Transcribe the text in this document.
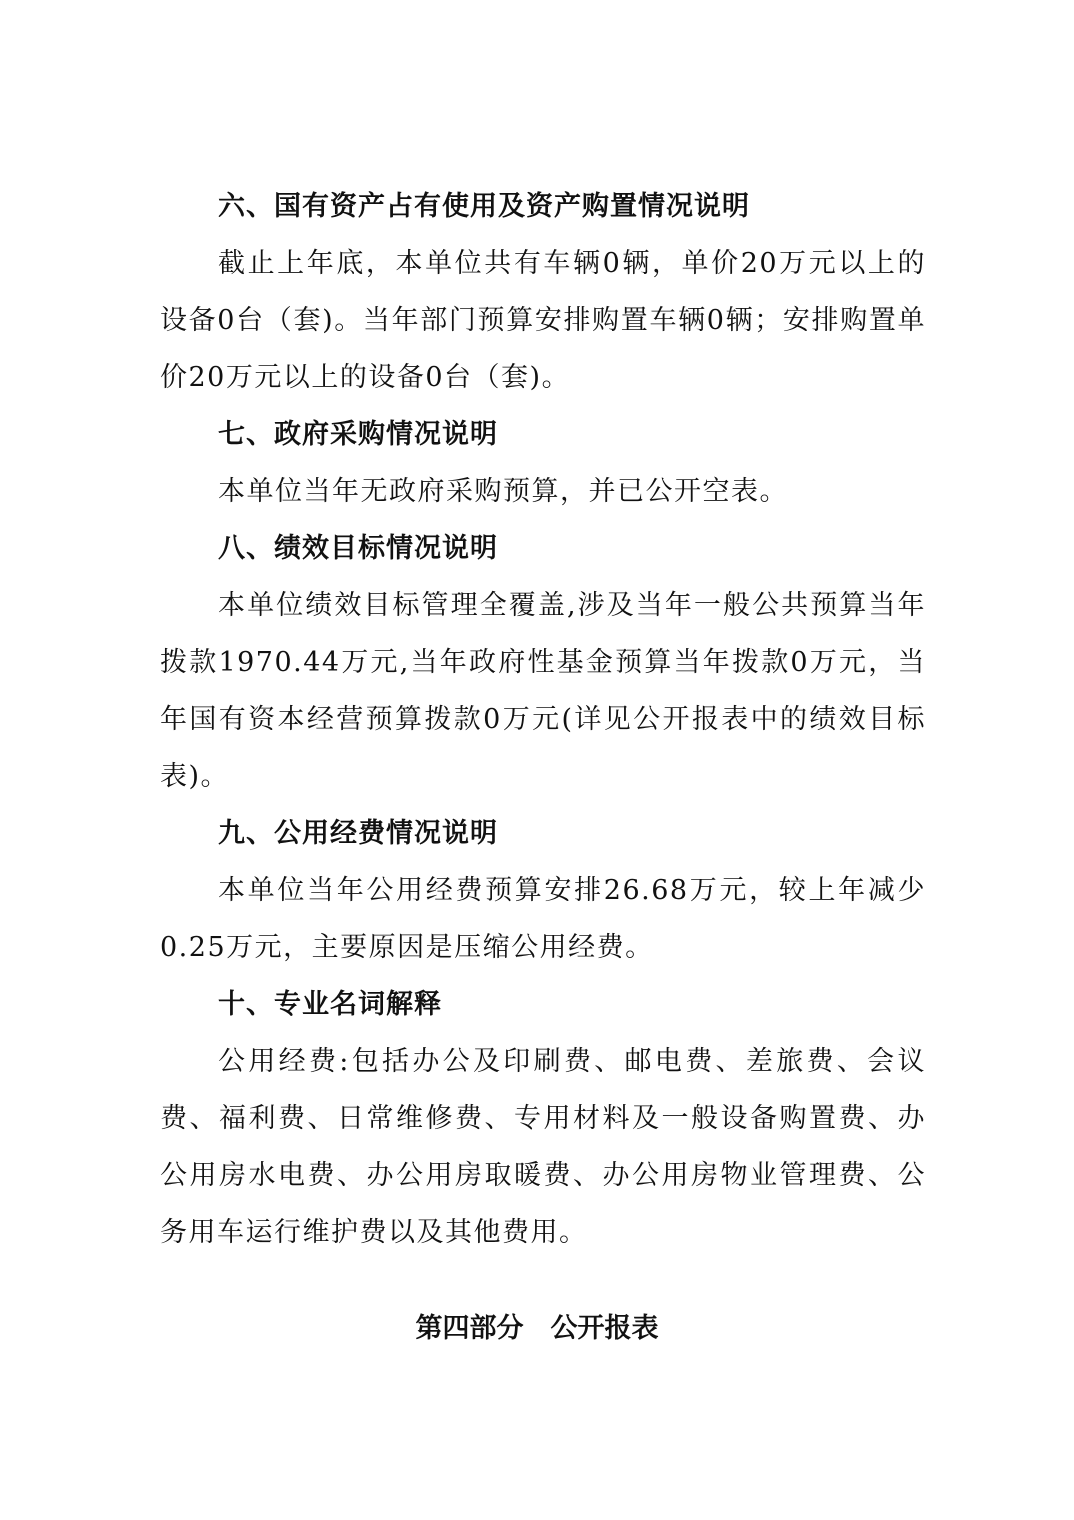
六、国有资产占有使用及资产购置情况说明

截止上年底，本单位共有车辆0辆，单价20万元以上的设备0台（套)。当年部门预算安排购置车辆0辆；安排购置单价20万元以上的设备0台（套)。

七、政府采购情况说明

本单位当年无政府采购预算，并已公开空表。

八、绩效目标情况说明

本单位绩效目标管理全覆盖,涉及当年一般公共预算当年拨款1970.44万元,当年政府性基金预算当年拨款0万元，当年国有资本经营预算拨款0万元(详见公开报表中的绩效目标表)。

九、公用经费情况说明

本单位当年公用经费预算安排26.68万元，较上年减少0.25万元，主要原因是压缩公用经费。

十、专业名词解释

公用经费:包括办公及印刷费、邮电费、差旅费、会议费、福利费、日常维修费、专用材料及一般设备购置费、办公用房水电费、办公用房取暖费、办公用房物业管理费、公务用车运行维护费以及其他费用。

第四部分　公开报表
